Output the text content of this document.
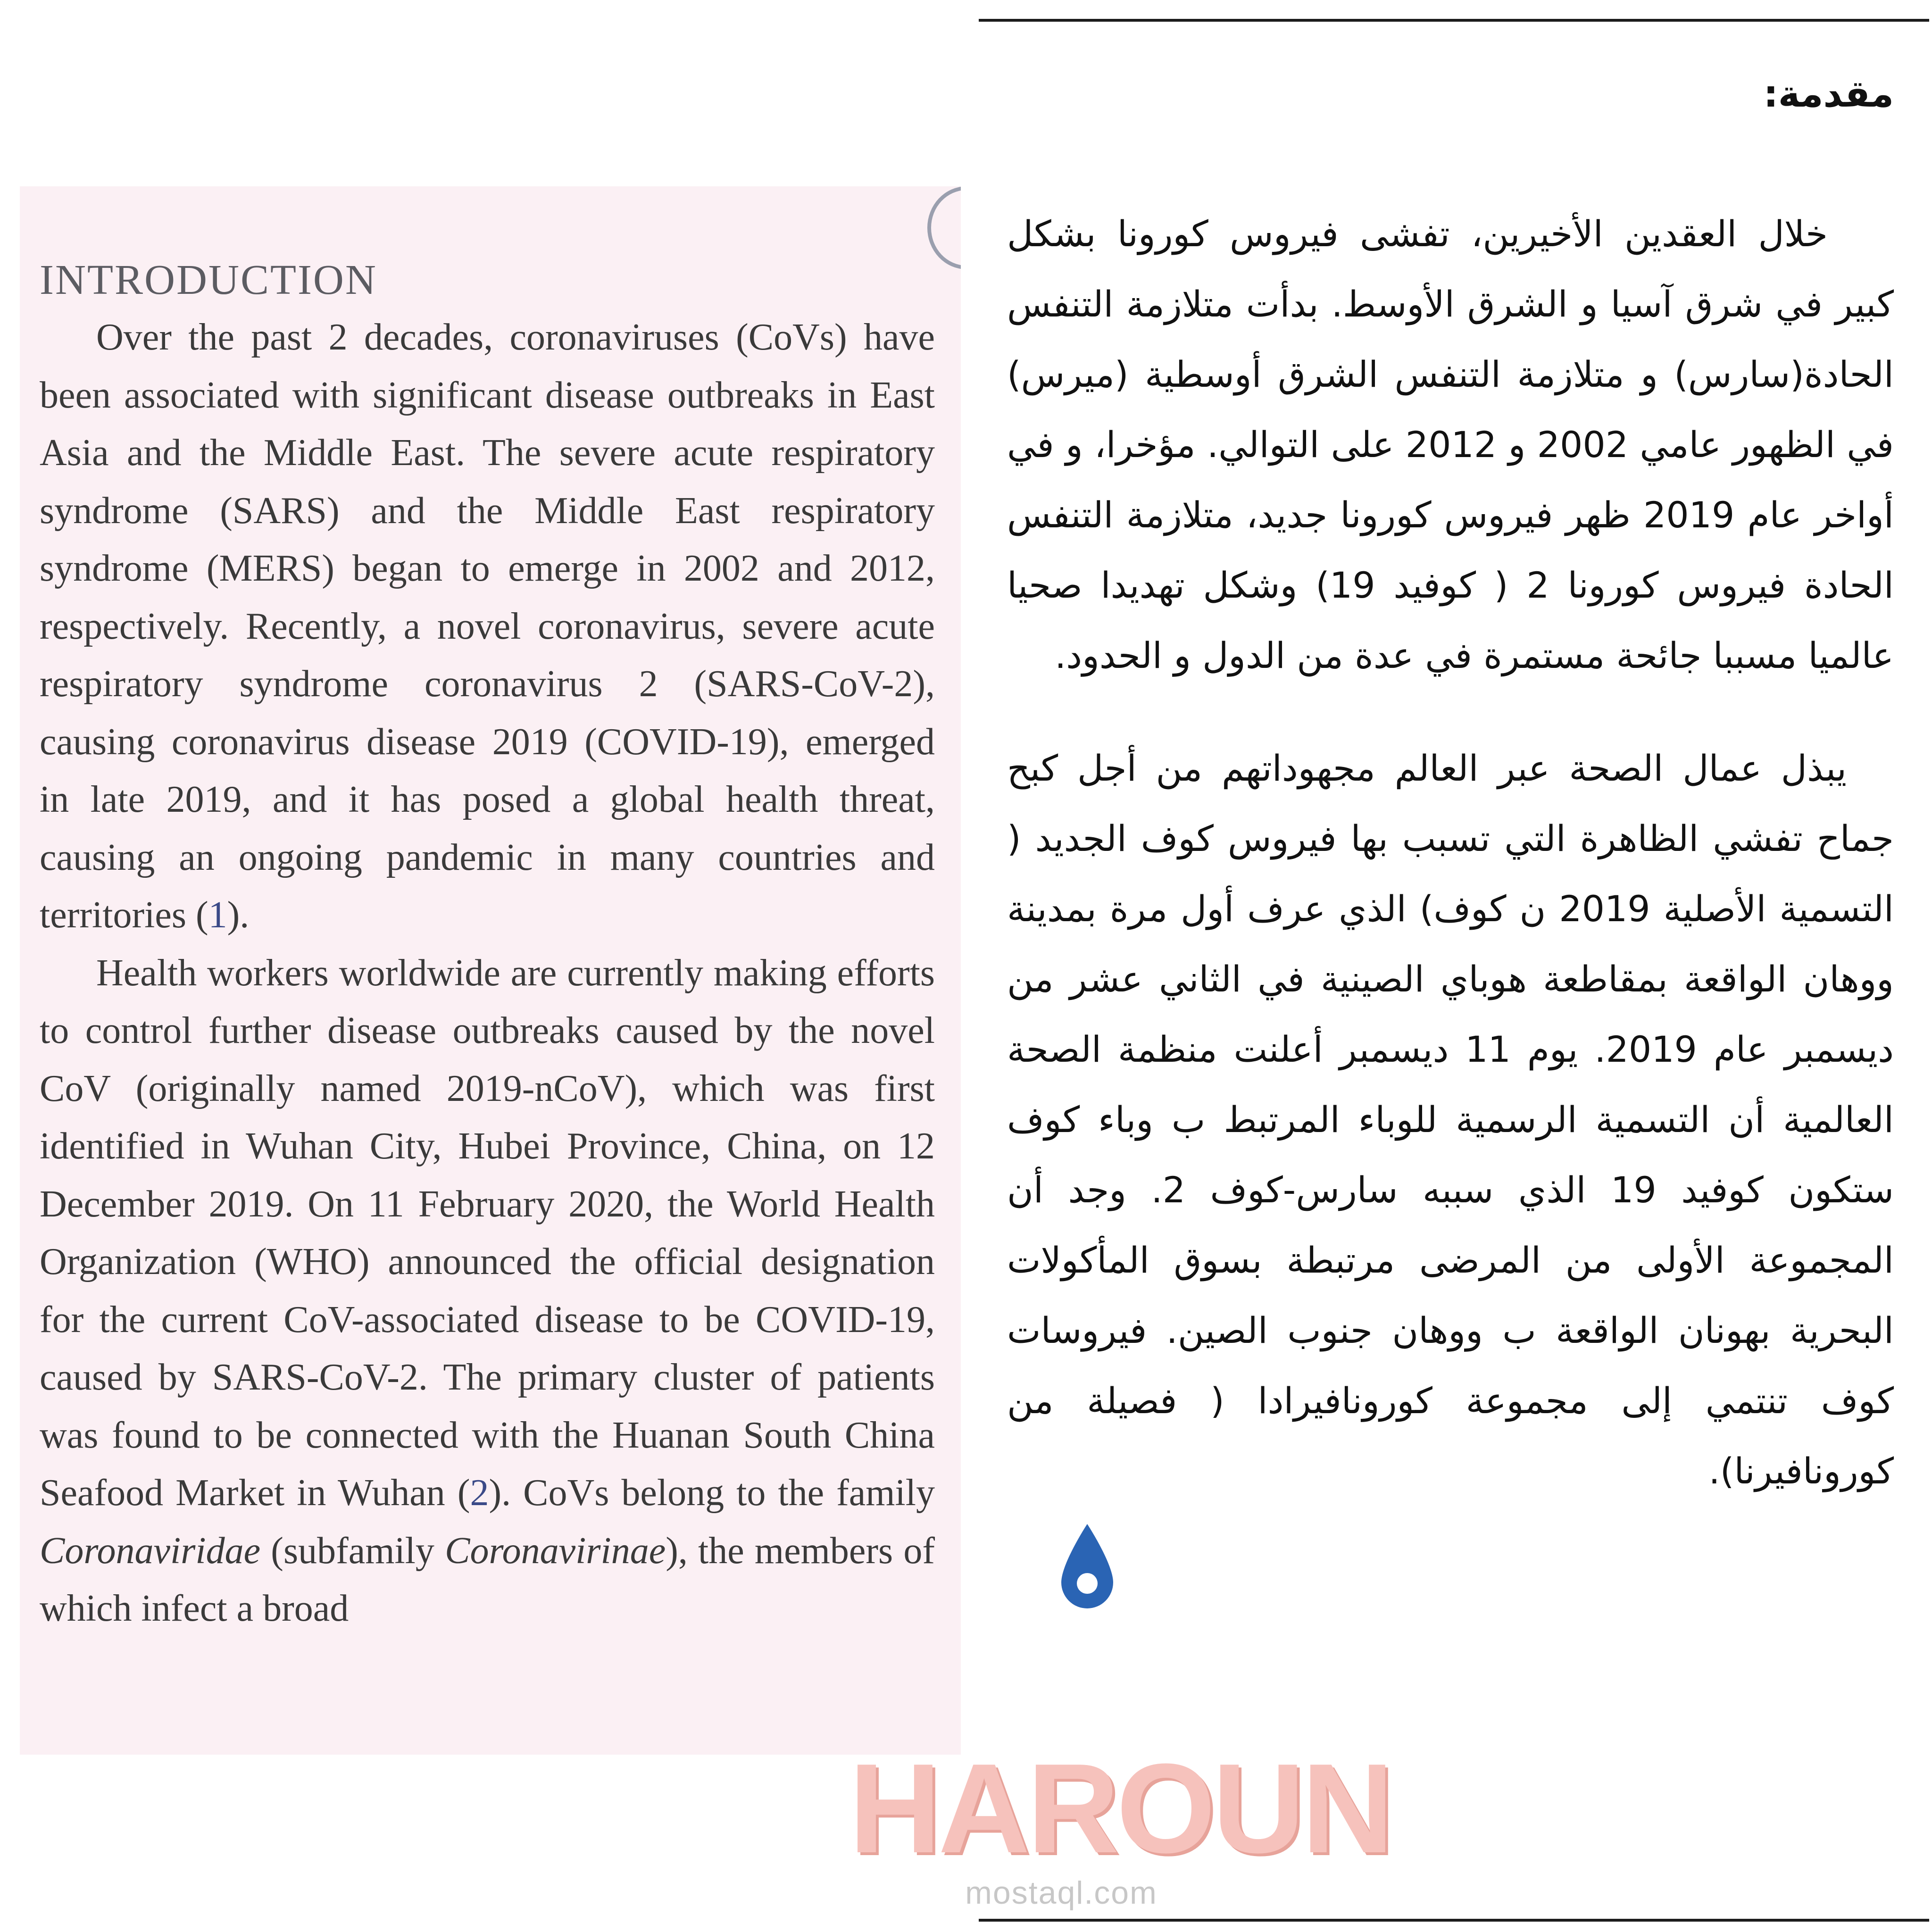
INTRODUCTION

Over the past 2 decades, coronaviruses (CoVs) have been associated with significant disease outbreaks in East Asia and the Middle East. The severe acute respiratory syndrome (SARS) and the Middle East respiratory syndrome (MERS) began to emerge in 2002 and 2012, respectively. Recently, a novel coronavirus, severe acute respiratory syndrome coronavirus 2 (SARS-CoV-2), causing coronavirus disease 2019 (COVID-19), emerged in late 2019, and it has posed a global health threat, causing an ongoing pandemic in many countries and territories (1).

Health workers worldwide are currently making efforts to control further disease outbreaks caused by the novel CoV (originally named 2019-nCoV), which was first identified in Wuhan City, Hubei Province, China, on 12 December 2019. On 11 February 2020, the World Health Organization (WHO) announced the official designation for the current CoV-associated disease to be COVID-19, caused by SARS-CoV-2. The primary cluster of patients was found to be connected with the Huanan South China Seafood Market in Wuhan (2). CoVs belong to the family Coronaviridae (subfamily Coronavirinae), the members of which infect a broad

مقدمة:

خلال العقدين الأخيرين، تفشى فيروس كورونا بشكل كبير في شرق آسيا و الشرق الأوسط. بدأت متلازمة التنفس الحادة(سارس) و متلازمة التنفس الشرق أوسطية (ميرس) في الظهور عامي 2002 و 2012 على التوالي. مؤخرا، و في أواخر عام 2019 ظهر فيروس كورونا جديد، متلازمة التنفس الحادة فيروس كورونا 2 ( كوفيد 19) وشكل تهديدا صحيا عالميا مسببا جائحة مستمرة في عدة من الدول و الحدود.

يبذل عمال الصحة عبر العالم مجهوداتهم من أجل كبح جماح تفشي الظاهرة التي تسبب بها فيروس كوف الجديد ( التسمية الأصلية 2019 ن كوف) الذي عرف أول مرة بمدينة ووهان الواقعة بمقاطعة هوباي الصينية في الثاني عشر من ديسمبر عام 2019. يوم 11 ديسمبر أعلنت منظمة الصحة العالمية أن التسمية الرسمية للوباء المرتبط ب وباء كوف ستكون كوفيد 19 الذي سببه سارس-كوف 2. وجد أن المجموعة الأولى من المرضى مرتبطة بسوق المأكولات البحرية بهونان الواقعة ب ووهان جنوب الصين. فيروسات كوف تنتمي إلى مجموعة كورونافيرادا ( فصيلة من كورونافيرنا).

HAROUN
mostaql.com
